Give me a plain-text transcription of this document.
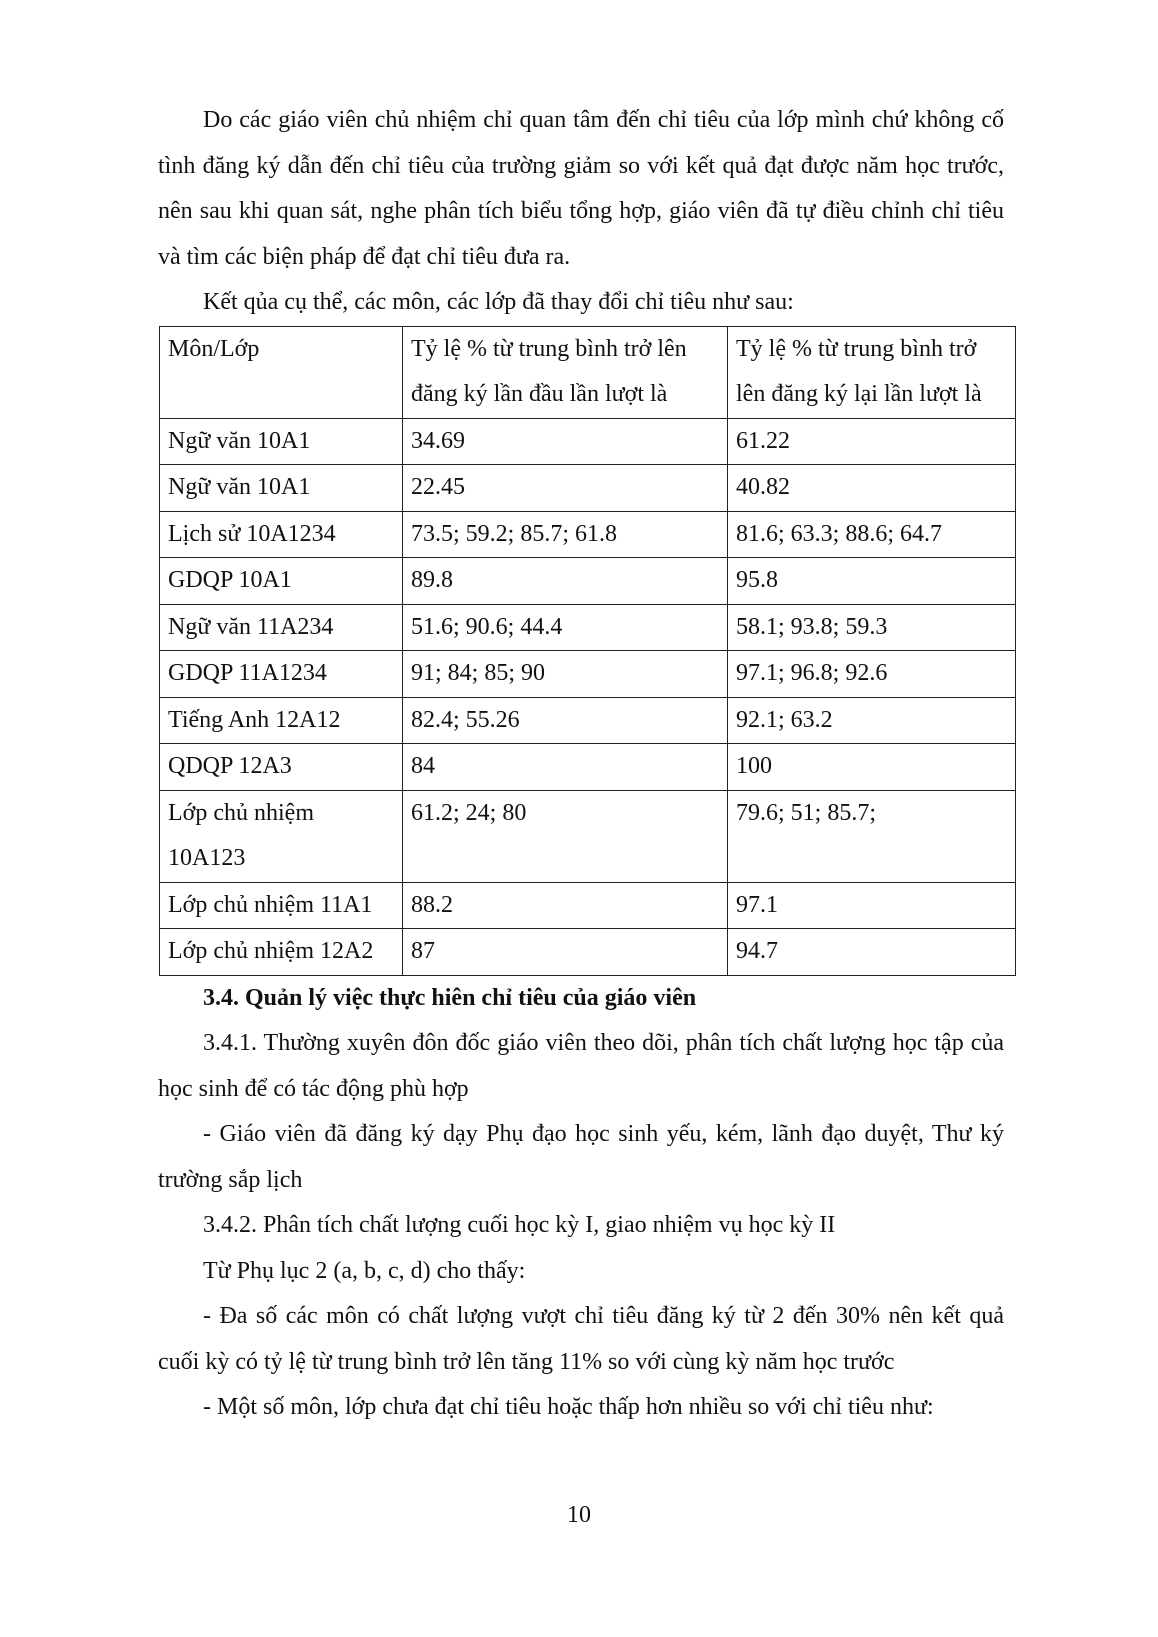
Do các giáo viên chủ nhiệm chỉ quan tâm đến chỉ tiêu của lớp mình chứ không cố tình đăng ký dẫn đến chỉ tiêu của trường giảm so với kết quả đạt được năm học trước, nên sau khi quan sát, nghe phân tích biểu tổng hợp, giáo viên đã tự điều chỉnh chỉ tiêu và tìm các biện pháp để đạt chỉ tiêu đưa ra.

Kết qủa cụ thể, các môn, các lớp đã thay đổi chỉ tiêu như sau:

Môn/Lớp	Tỷ lệ % từ trung bình trở lên đăng ký lần đầu lần lượt là	Tỷ lệ % từ trung bình trở lên đăng ký lại lần lượt là
Ngữ văn 10A1	34.69	61.22
Ngữ văn 10A1	22.45	40.82
Lịch sử 10A1234	73.5; 59.2; 85.7; 61.8	81.6; 63.3; 88.6; 64.7
GDQP 10A1	89.8	95.8
Ngữ văn 11A234	51.6; 90.6; 44.4	58.1; 93.8; 59.3
GDQP 11A1234	91; 84; 85; 90	97.1; 96.8; 92.6
Tiếng Anh 12A12	82.4; 55.26	92.1; 63.2
QDQP 12A3	84	100
Lớp chủ nhiệm 10A123	61.2; 24; 80	79.6; 51; 85.7;
Lớp chủ nhiệm 11A1	88.2	97.1
Lớp chủ nhiệm 12A2	87	94.7

3.4. Quản lý việc thực hiên chỉ tiêu của giáo viên

3.4.1. Thường xuyên đôn đốc giáo viên theo dõi, phân tích chất lượng học tập của học sinh để có tác động phù hợp

- Giáo viên đã đăng ký dạy Phụ đạo học sinh yếu, kém, lãnh đạo duyệt, Thư ký trường sắp lịch

3.4.2. Phân tích chất lượng cuối học kỳ I, giao nhiệm vụ học kỳ II

Từ Phụ lục 2 (a, b, c, d) cho thấy:

- Đa số các môn có chất lượng vượt chỉ tiêu đăng ký từ 2 đến 30% nên kết quả cuối kỳ có tỷ lệ từ trung bình trở lên tăng 11% so với cùng kỳ năm học trước

- Một số môn, lớp chưa đạt chỉ tiêu hoặc thấp hơn nhiều so với chỉ tiêu như:

10
